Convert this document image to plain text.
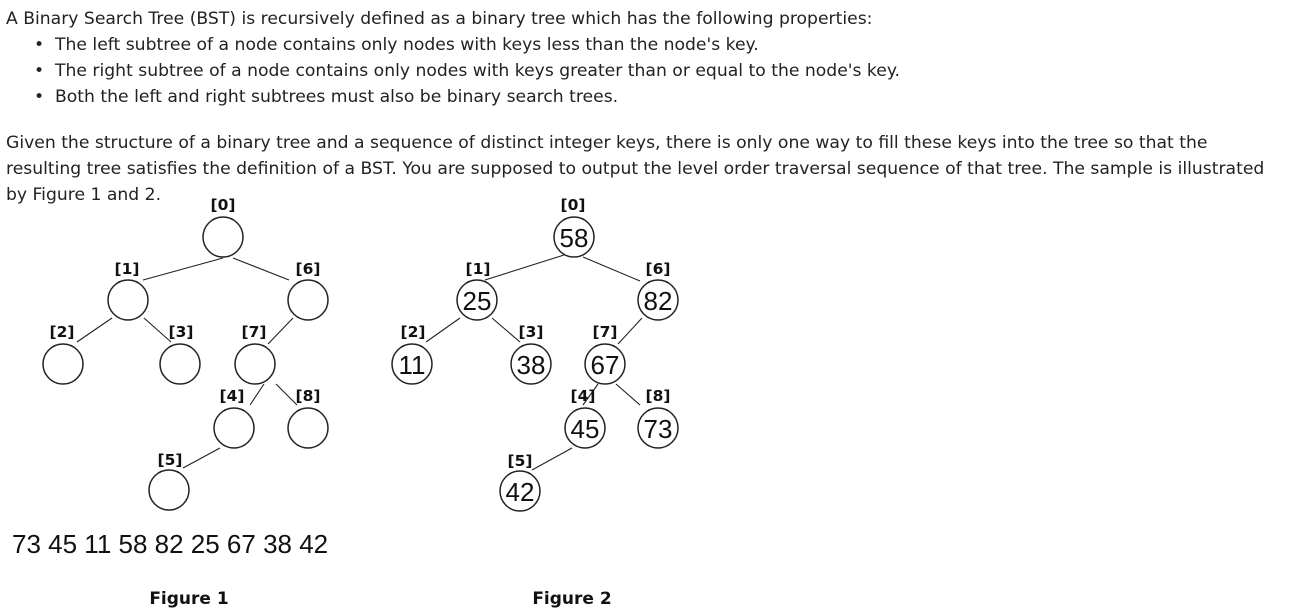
A Binary Search Tree (BST) is recursively defined as a binary tree which has the following properties:

• The left subtree of a node contains only nodes with keys less than the node's key.
• The right subtree of a node contains only nodes with keys greater than or equal to the node's key.
• Both the left and right subtrees must also be binary search trees.

Given the structure of a binary tree and a sequence of distinct integer keys, there is only one way to fill these keys into the tree so that the resulting tree satisfies the definition of a BST. You are supposed to output the level order traversal sequence of that tree. The sample is illustrated by Figure 1 and 2.	[0]
[1]	[6]
[2]	[3]	[7]
[4]	[8]
[5]
73 45 11 58 82 25 67 38 42
Figure 1
58
25	82
11	38 67
45 73
42
[0]
[1]	[6]
[2]	[3]	[7]
[4]	[8]
[5]
Figure 2
